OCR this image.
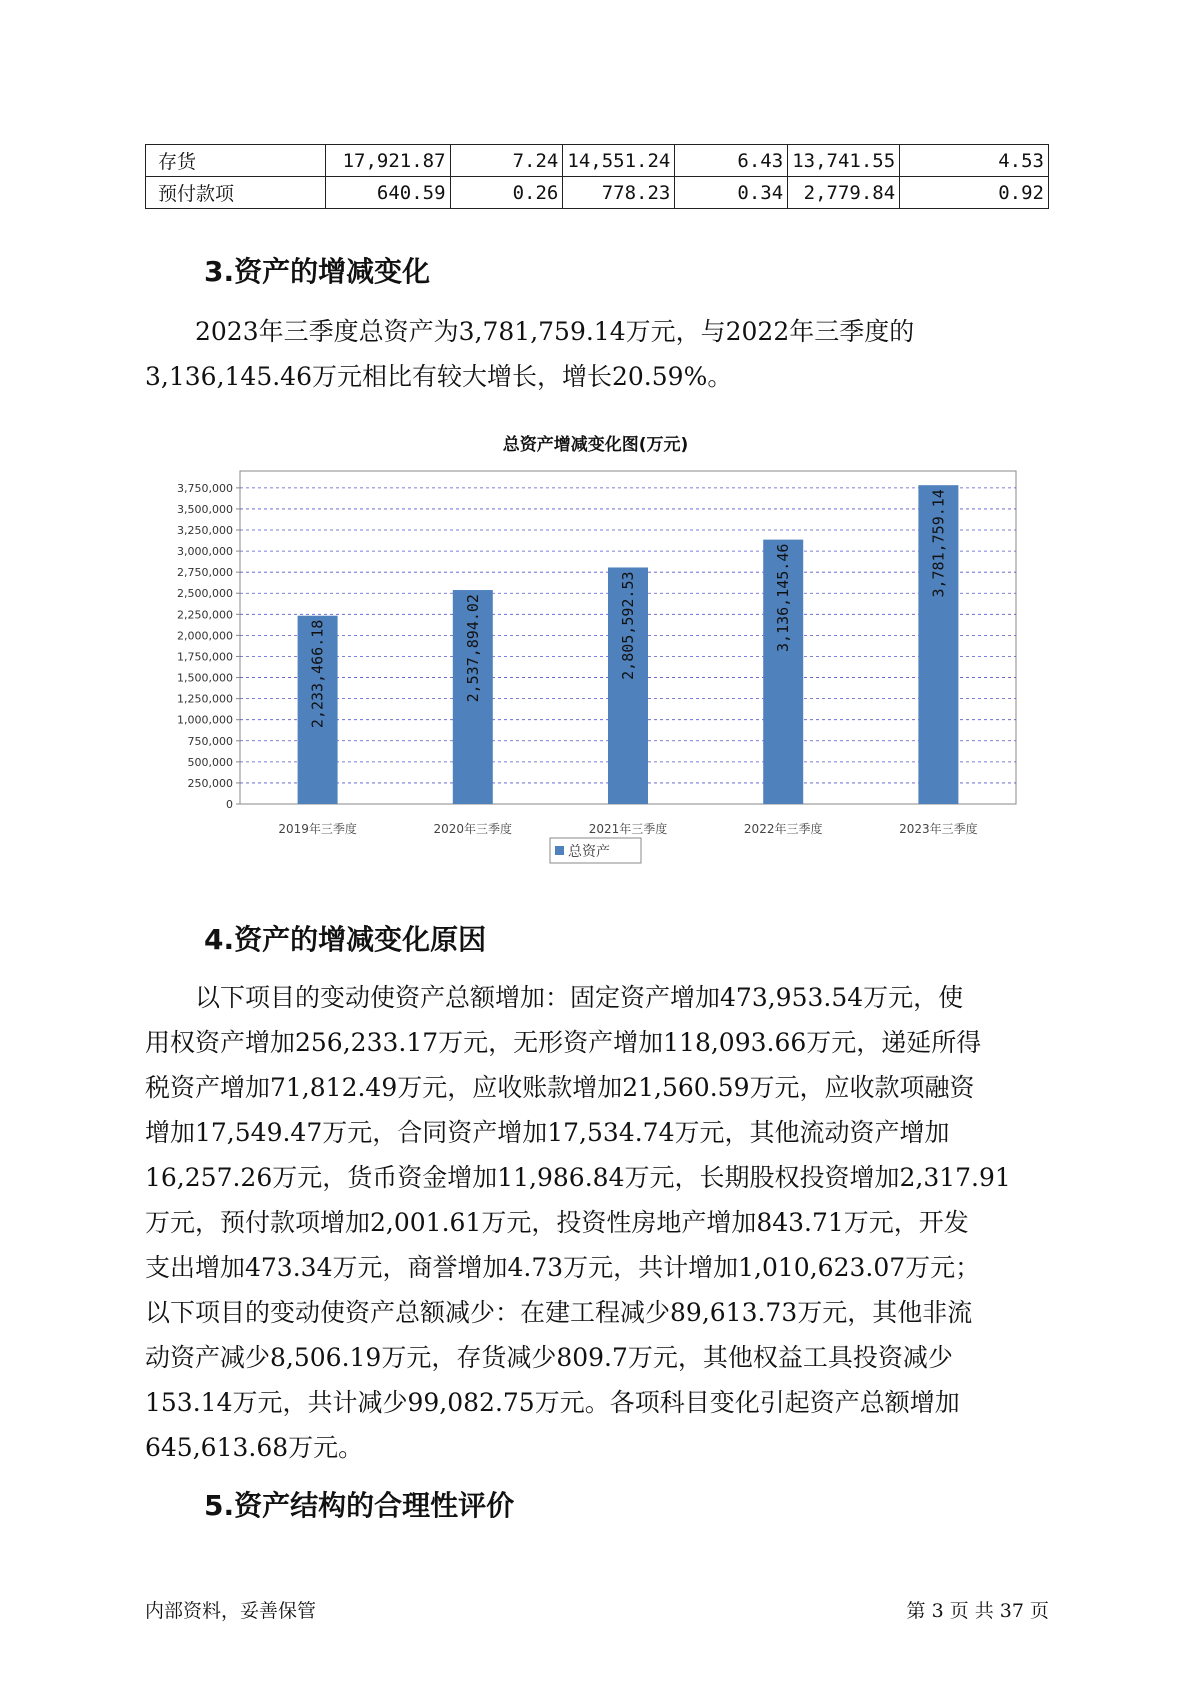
存货	17,921.87	7.24	14,551.24	6.43	13,741.55	4.53
预付款项	640.59	0.26	778.23	0.34	2,779.84	0.92
3.资产的增减变化
2023年三季度总资产为3,781,759.14万元，与2022年三季度的
3,136,145.46万元相比有较大增长，增长20.59%。
总资产增减变化图(万元)
0
250,000
500,000
750,000
1,000,000
1,250,000
1,500,000
1,750,000
2,000,000
2,250,000
2,500,000
2,750,000
3,000,000
3,250,000
3,500,000
3,750,000
2,233,466.18
2019年三季度
2,537,894.02
2020年三季度
2,805,592.53
2021年三季度
3,136,145.46
2022年三季度
3,781,759.14
2023年三季度
总资产
4.资产的增减变化原因
以下项目的变动使资产总额增加：固定资产增加473,953.54万元，使
用权资产增加256,233.17万元，无形资产增加118,093.66万元，递延所得
税资产增加71,812.49万元，应收账款增加21,560.59万元，应收款项融资
增加17,549.47万元，合同资产增加17,534.74万元，其他流动资产增加
16,257.26万元，货币资金增加11,986.84万元，长期股权投资增加2,317.91
万元，预付款项增加2,001.61万元，投资性房地产增加843.71万元，开发
支出增加473.34万元，商誉增加4.73万元，共计增加1,010,623.07万元；
以下项目的变动使资产总额减少：在建工程减少89,613.73万元，其他非流
动资产减少8,506.19万元，存货减少809.7万元，其他权益工具投资减少
153.14万元，共计减少99,082.75万元。各项科目变化引起资产总额增加
645,613.68万元。
5.资产结构的合理性评价
内部资料，妥善保管	第 3 页 共 37 页
